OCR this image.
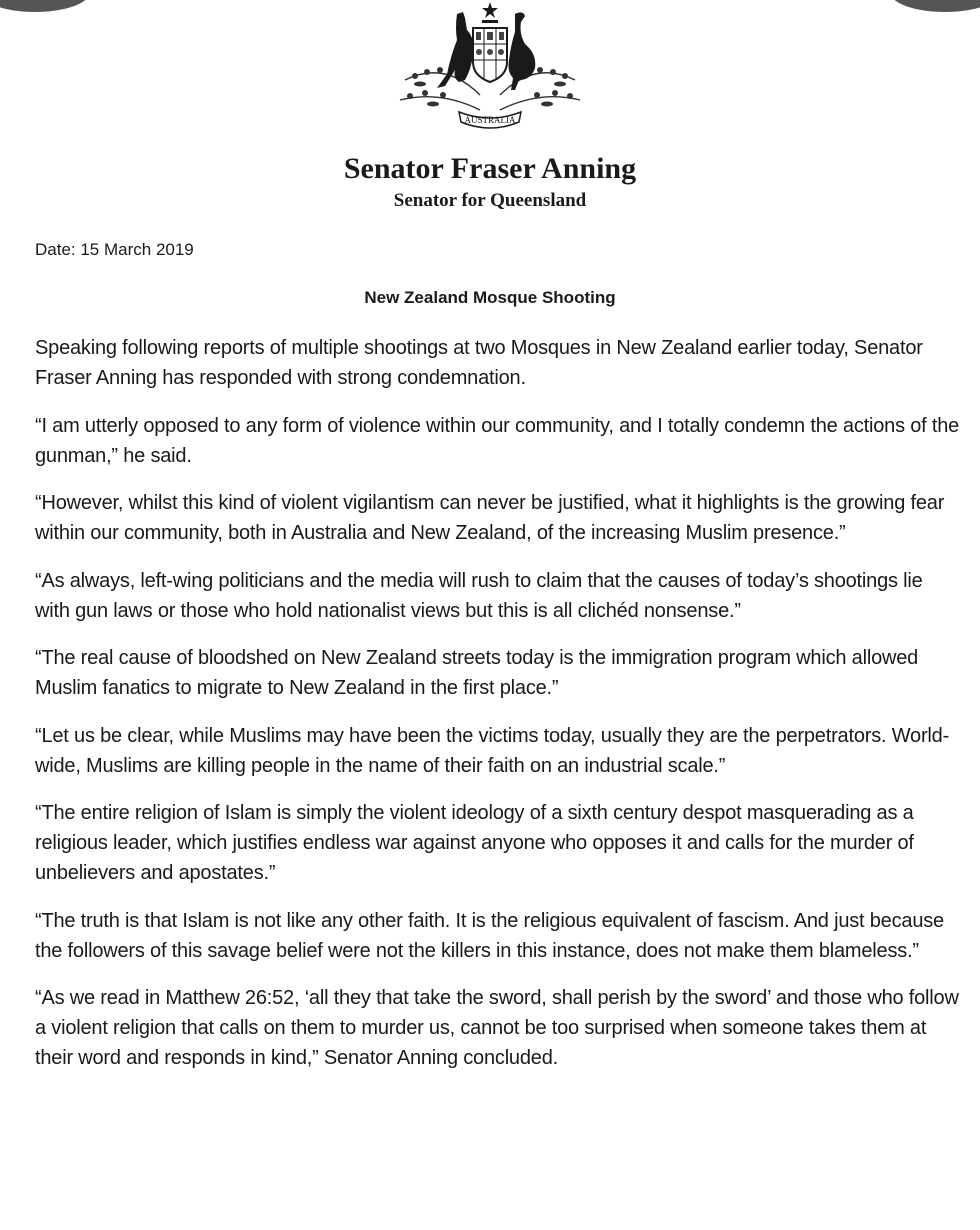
AUSTRALIA
Senator Fraser Anning
Senator for Queensland
Date: 15 March 2019
New Zealand Mosque Shooting

Speaking following reports of multiple shootings at two Mosques in New Zealand earlier today, Senator Fraser Anning has responded with strong condemnation.

“I am utterly opposed to any form of violence within our community, and I totally condemn the actions of the gunman,” he said.

“However, whilst this kind of violent vigilantism can never be justified, what it highlights is the growing fear within our community, both in Australia and New Zealand, of the increasing Muslim presence.”

“As always, left-wing politicians and the media will rush to claim that the causes of today’s shootings lie with gun laws or those who hold nationalist views but this is all clichéd nonsense.”

“The real cause of bloodshed on New Zealand streets today is the immigration program which allowed Muslim fanatics to migrate to New Zealand in the first place.”

“Let us be clear, while Muslims may have been the victims today, usually they are the perpetrators. World-wide, Muslims are killing people in the name of their faith on an industrial scale.”

“The entire religion of Islam is simply the violent ideology of a sixth century despot masquerading as a religious leader, which justifies endless war against anyone who opposes it and calls for the murder of unbelievers and apostates.”

“The truth is that Islam is not like any other faith. It is the religious equivalent of fascism. And just because the followers of this savage belief were not the killers in this instance, does not make them blameless.”

“As we read in Matthew 26:52, ‘all they that take the sword, shall perish by the sword’ and those who follow a violent religion that calls on them to murder us, cannot be too surprised when someone takes them at their word and responds in kind,” Senator Anning concluded.
